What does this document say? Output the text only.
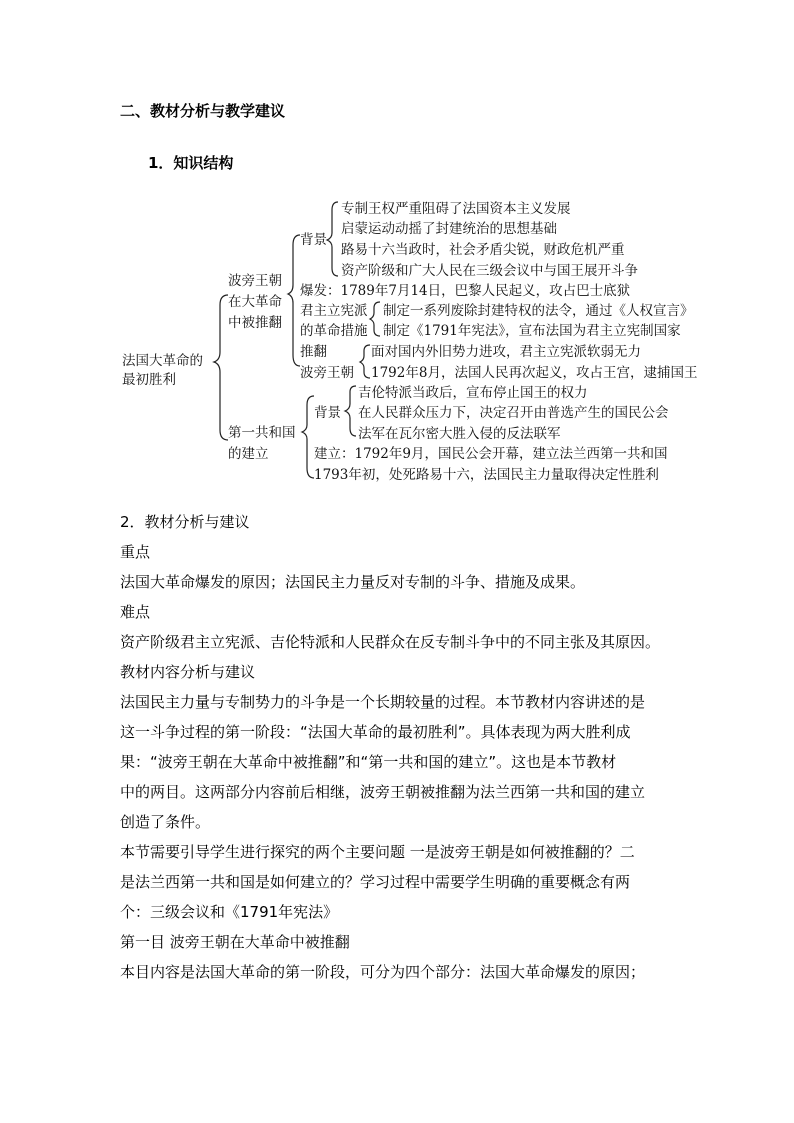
二、教材分析与教学建议
1．知识结构
法国大革命的
最初胜利
波旁王朝
在大革命
中被推翻
背景
专制王权严重阻碍了法国资本主义发展
启蒙运动动摇了封建统治的思想基础
路易十六当政时，社会矛盾尖锐，财政危机严重
资产阶级和广大人民在三级会议中与国王展开斗争
爆发：1789年7月14日，巴黎人民起义，攻占巴士底狱
君主立宪派
的革命措施
制定一系列废除封建特权的法令，通过《人权宣言》
制定《1791年宪法》，宣布法国为君主立宪制国家
推翻
波旁王朝
面对国内外旧势力进攻，君主立宪派软弱无力
1792年8月，法国人民再次起义，攻占王宫，逮捕国王
第一共和国
的建立
背景
吉伦特派当政后，宣布停止国王的权力
在人民群众压力下，决定召开由普选产生的国民公会
法军在瓦尔密大胜入侵的反法联军
建立：1792年9月，国民公会开幕，建立法兰西第一共和国
1793年初，处死路易十六，法国民主力量取得决定性胜利
2．教材分析与建议
重点
法国大革命爆发的原因；法国民主力量反对专制的斗争、措施及成果。
难点
资产阶级君主立宪派、吉伦特派和人民群众在反专制斗争中的不同主张及其原因。
教材内容分析与建议
法国民主力量与专制势力的斗争是一个长期较量的过程。本节教材内容讲述的是
这一斗争过程的第一阶段：“法国大革命的最初胜利”。具体表现为两大胜利成
果：“波旁王朝在大革命中被推翻”和“第一共和国的建立”。这也是本节教材
中的两目。这两部分内容前后相继，波旁王朝被推翻为法兰西第一共和国的建立
创造了条件。
本节需要引导学生进行探究的两个主要问题 一是波旁王朝是如何被推翻的？二
是法兰西第一共和国是如何建立的？学习过程中需要学生明确的重要概念有两
个：三级会议和《1791年宪法》
第一目 波旁王朝在大革命中被推翻
本目内容是法国大革命的第一阶段，可分为四个部分：法国大革命爆发的原因；
